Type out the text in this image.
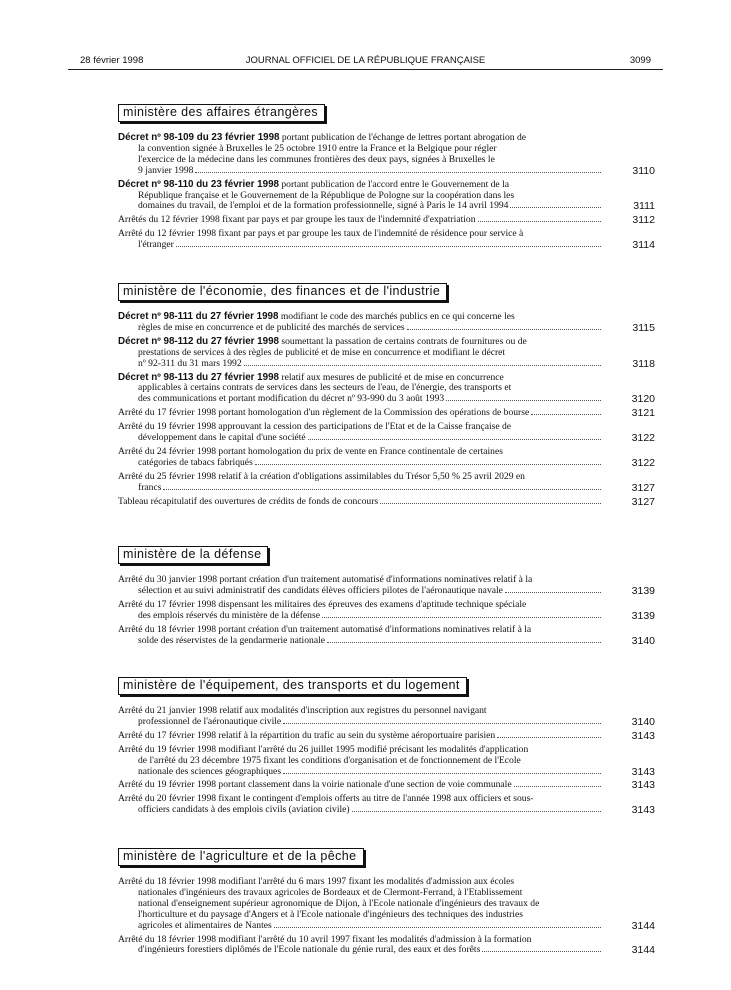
28 février 1998	JOURNAL OFFICIEL DE LA RÉPUBLIQUE FRANÇAISE	3099
ministère des affaires étrangères
Décret nº 98-109 du 23 février 1998 portant publication de l'échange de lettres portant abrogation de
la convention signée à Bruxelles le 25 octobre 1910 entre la France et la Belgique pour régler
l'exercice de la médecine dans les communes frontières des deux pays, signées à Bruxelles le
9 janvier 1998	3110
Décret nº 98-110 du 23 février 1998 portant publication de l'accord entre le Gouvernement de la
République française et le Gouvernement de la République de Pologne sur la coopération dans les
domaines du travail, de l'emploi et de la formation professionnelle, signé à Paris le 14 avril 1994	3111
Arrêtés du 12 février 1998 fixant par pays et par groupe les taux de l'indemnité d'expatriation	3112
Arrêté du 12 février 1998 fixant par pays et par groupe les taux de l'indemnité de résidence pour service à
l'étranger	3114
ministère de l'économie, des finances et de l'industrie
Décret nº 98-111 du 27 février 1998 modifiant le code des marchés publics en ce qui concerne les
règles de mise en concurrence et de publicité des marchés de services	3115
Décret nº 98-112 du 27 février 1998 soumettant la passation de certains contrats de fournitures ou de
prestations de services à des règles de publicité et de mise en concurrence et modifiant le décret
nº 92-311 du 31 mars 1992	3118
Décret nº 98-113 du 27 février 1998 relatif aux mesures de publicité et de mise en concurrence
applicables à certains contrats de services dans les secteurs de l'eau, de l'énergie, des transports et
des communications et portant modification du décret nº 93-990 du 3 août 1993	3120
Arrêté du 17 février 1998 portant homologation d'un règlement de la Commission des opérations de bourse	3121
Arrêté du 19 février 1998 approuvant la cession des participations de l'Etat et de la Caisse française de
développement dans le capital d'une société	3122
Arrêté du 24 février 1998 portant homologation du prix de vente en France continentale de certaines
catégories de tabacs fabriqués	3122
Arrêté du 25 février 1998 relatif à la création d'obligations assimilables du Trésor 5,50 % 25 avril 2029 en
francs	3127
Tableau récapitulatif des ouvertures de crédits de fonds de concours	3127
ministère de la défense
Arrêté du 30 janvier 1998 portant création d'un traitement automatisé d'informations nominatives relatif à la
sélection et au suivi administratif des candidats élèves officiers pilotes de l'aéronautique navale	3139
Arrêté du 17 février 1998 dispensant les militaires des épreuves des examens d'aptitude technique spéciale
des emplois réservés du ministère de la défense	3139
Arrêté du 18 février 1998 portant création d'un traitement automatisé d'informations nominatives relatif à la
solde des réservistes de la gendarmerie nationale	3140
ministère de l'équipement, des transports et du logement
Arrêté du 21 janvier 1998 relatif aux modalités d'inscription aux registres du personnel navigant
professionnel de l'aéronautique civile	3140
Arrêté du 17 février 1998 relatif à la répartition du trafic au sein du système aéroportuaire parisien	3143
Arrêté du 19 février 1998 modifiant l'arrêté du 26 juillet 1995 modifié précisant les modalités d'application
de l'arrêté du 23 décembre 1975 fixant les conditions d'organisation et de fonctionnement de l'Ecole
nationale des sciences géographiques	3143
Arrêté du 19 février 1998 portant classement dans la voirie nationale d'une section de voie communale	3143
Arrêté du 20 février 1998 fixant le contingent d'emplois offerts au titre de l'année 1998 aux officiers et sous-
officiers candidats à des emplois civils (aviation civile)	3143
ministère de l'agriculture et de la pêche
Arrêté du 18 février 1998 modifiant l'arrêté du 6 mars 1997 fixant les modalités d'admission aux écoles
nationales d'ingénieurs des travaux agricoles de Bordeaux et de Clermont-Ferrand, à l'Etablissement
national d'enseignement supérieur agronomique de Dijon, à l'Ecole nationale d'ingénieurs des travaux de
l'horticulture et du paysage d'Angers et à l'Ecole nationale d'ingénieurs des techniques des industries
agricoles et alimentaires de Nantes	3144
Arrêté du 18 février 1998 modifiant l'arrêté du 10 avril 1997 fixant les modalités d'admission à la formation
d'ingénieurs forestiers diplômés de l'Ecole nationale du génie rural, des eaux et des forêts	3144
